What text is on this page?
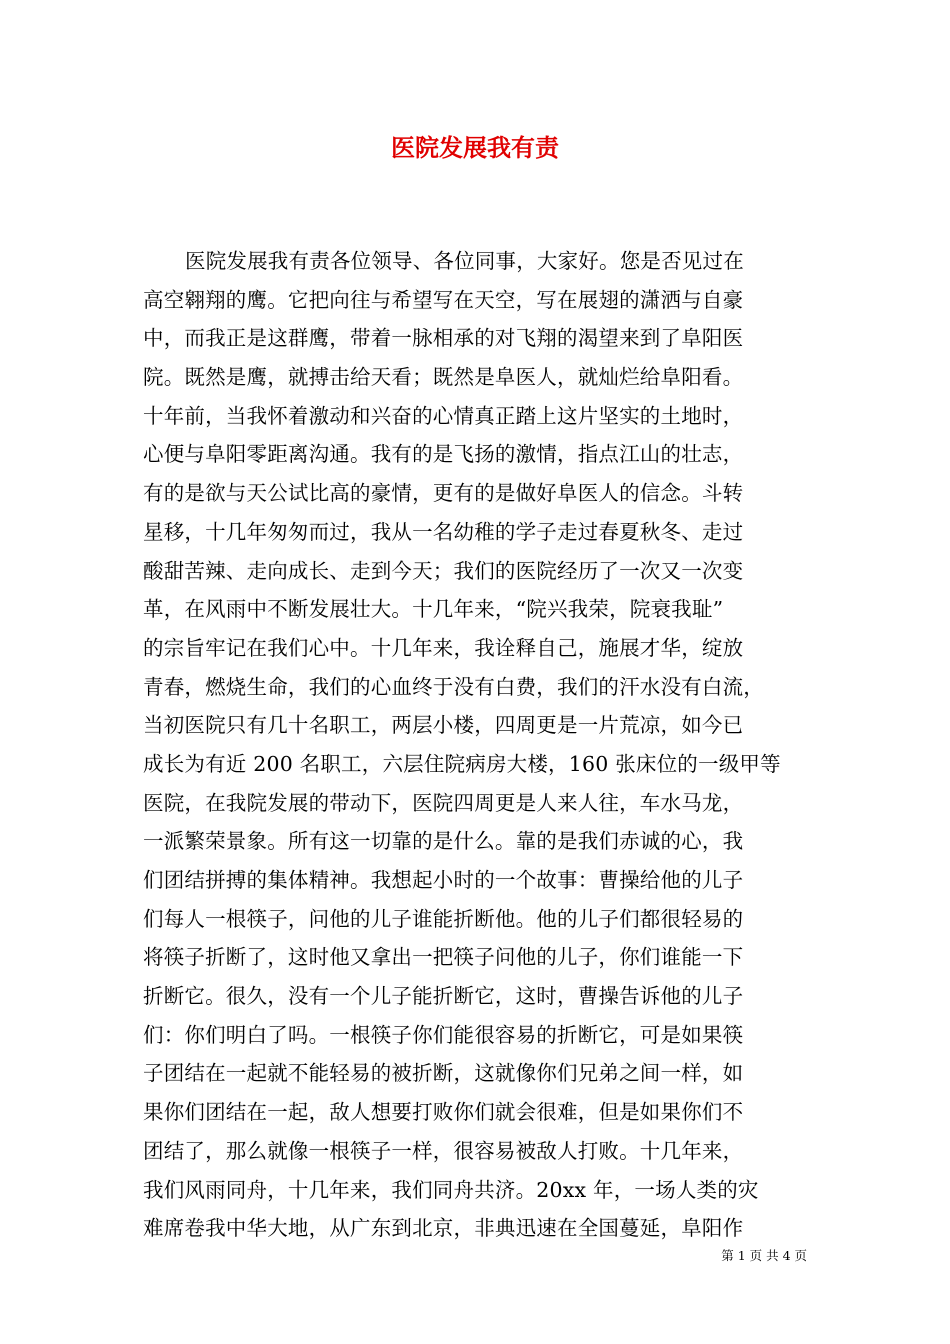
医院发展我有责
医院发展我有责各位领导、各位同事，大家好。您是否见过在
高空翱翔的鹰。它把向往与希望写在天空，写在展翅的潇洒与自豪
中，而我正是这群鹰，带着一脉相承的对飞翔的渴望来到了阜阳医
院。既然是鹰，就搏击给天看；既然是阜医人，就灿烂给阜阳看。
十年前，当我怀着激动和兴奋的心情真正踏上这片坚实的土地时，
心便与阜阳零距离沟通。我有的是飞扬的激情，指点江山的壮志，
有的是欲与天公试比高的豪情，更有的是做好阜医人的信念。斗转
星移，十几年匆匆而过，我从一名幼稚的学子走过春夏秋冬、走过
酸甜苦辣、走向成长、走到今天；我们的医院经历了一次又一次变
革，在风雨中不断发展壮大。十几年来，“院兴我荣，院衰我耻”
的宗旨牢记在我们心中。十几年来，我诠释自己，施展才华，绽放
青春，燃烧生命，我们的心血终于没有白费，我们的汗水没有白流，
当初医院只有几十名职工，两层小楼，四周更是一片荒凉，如今已
成长为有近 200 名职工，六层住院病房大楼，160 张床位的一级甲等
医院，在我院发展的带动下，医院四周更是人来人往，车水马龙，
一派繁荣景象。所有这一切靠的是什么。靠的是我们赤诚的心，我
们团结拼搏的集体精神。我想起小时的一个故事：曹操给他的儿子
们每人一根筷子，问他的儿子谁能折断他。他的儿子们都很轻易的
将筷子折断了，这时他又拿出一把筷子问他的儿子，你们谁能一下
折断它。很久，没有一个儿子能折断它，这时，曹操告诉他的儿子
们：你们明白了吗。一根筷子你们能很容易的折断它，可是如果筷
子团结在一起就不能轻易的被折断，这就像你们兄弟之间一样，如
果你们团结在一起，敌人想要打败你们就会很难，但是如果你们不
团结了，那么就像一根筷子一样，很容易被敌人打败。十几年来，
我们风雨同舟，十几年来，我们同舟共济。20xx 年，一场人类的灾
难席卷我中华大地，从广东到北京，非典迅速在全国蔓延，阜阳作
第 1 页 共 4 页
